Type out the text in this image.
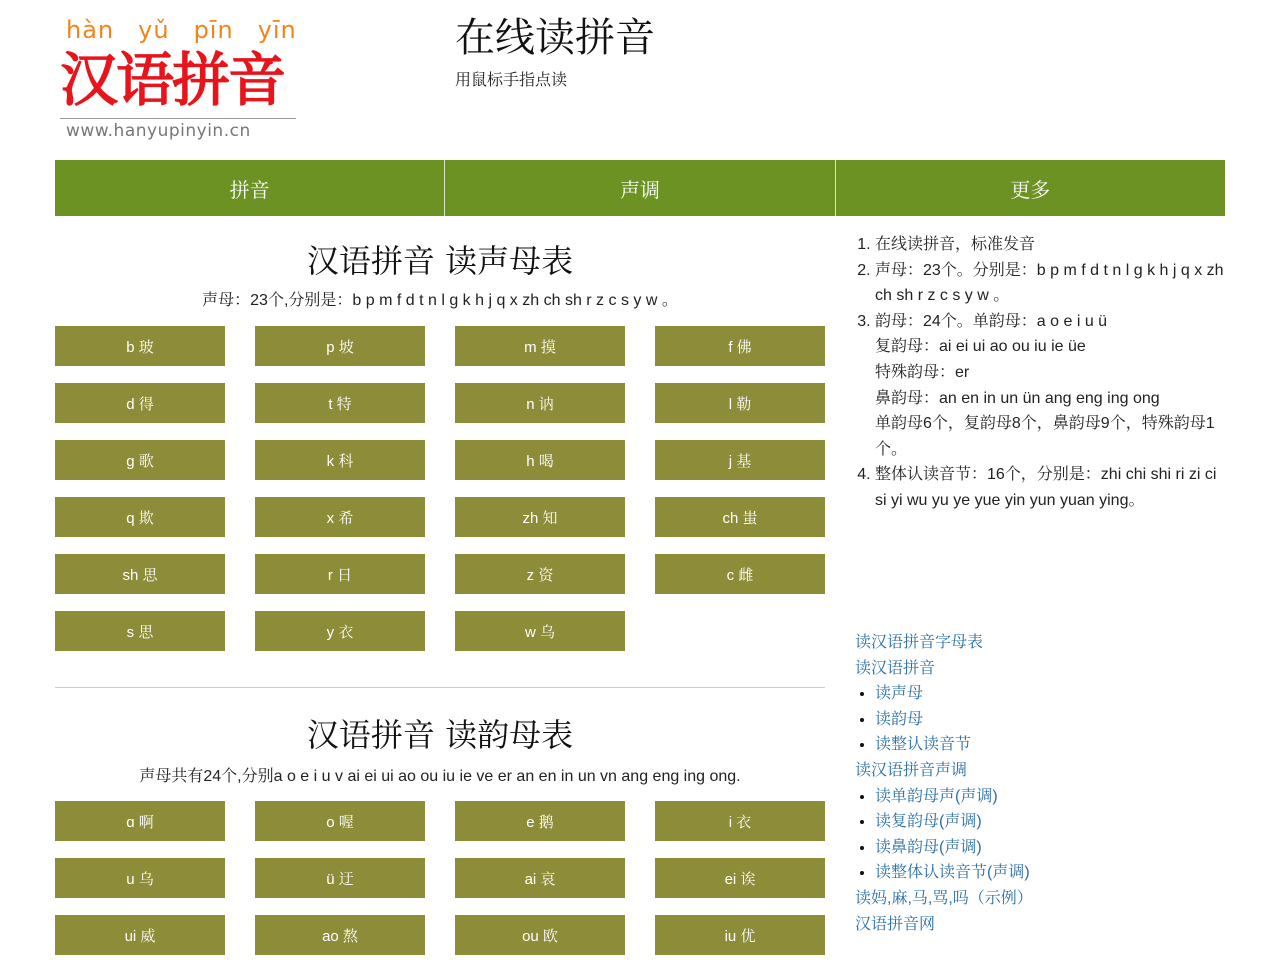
hàn yǔ pīn yīn
汉语拼音
www.hanyupinyin.cn
在线读拼音
用鼠标手指点读
拼音	声调	更多
汉语拼音 读声母表
声母：23个,分别是：b p m f d t n l g k h j q x zh ch sh r z c s y w 。
b 玻	p 坡	m 摸	f 佛
d 得	t 特	n 讷	l 勒
g 歌	k 科	h 喝	j 基
q 欺	x 希	zh 知	ch 蚩
sh 思	r 日	z 资	c 雌
s 思	y 衣	w 乌
汉语拼音 读韵母表
声母共有24个,分别a o e i u v ai ei ui ao ou iu ie ve er an en in un vn ang eng ing ong.
ɑ 啊	o 喔	e 鹅	i 衣
u 乌	ü 迂	ai 哀	ei 诶
ui 威	ao 熬	ou 欧	iu 优
1. 在线读拼音，标准发音
2. 声母：23个。分别是：b p m f d t n l g k h j q x zh ch sh r z c s y w 。
3. 韵母：24个。单韵母：a o e i u ü
复韵母：ai ei ui ao ou iu ie üe
特殊韵母：er
鼻韵母：an en in un ün ang eng ing ong
单韵母6个，复韵母8个，鼻韵母9个，特殊韵母1个。
4. 整体认读音节：16个，分别是：zhi chi shi ri zi ci si yi wu yu ye yue yin yun yuan ying。
读汉语拼音字母表
读汉语拼音
• 读声母
• 读韵母
• 读整认读音节
读汉语拼音声调
• 读单韵母声(声调)
• 读复韵母(声调)
• 读鼻韵母(声调)
• 读整体认读音节(声调)
读妈,麻,马,骂,吗（示例）
汉语拼音网
